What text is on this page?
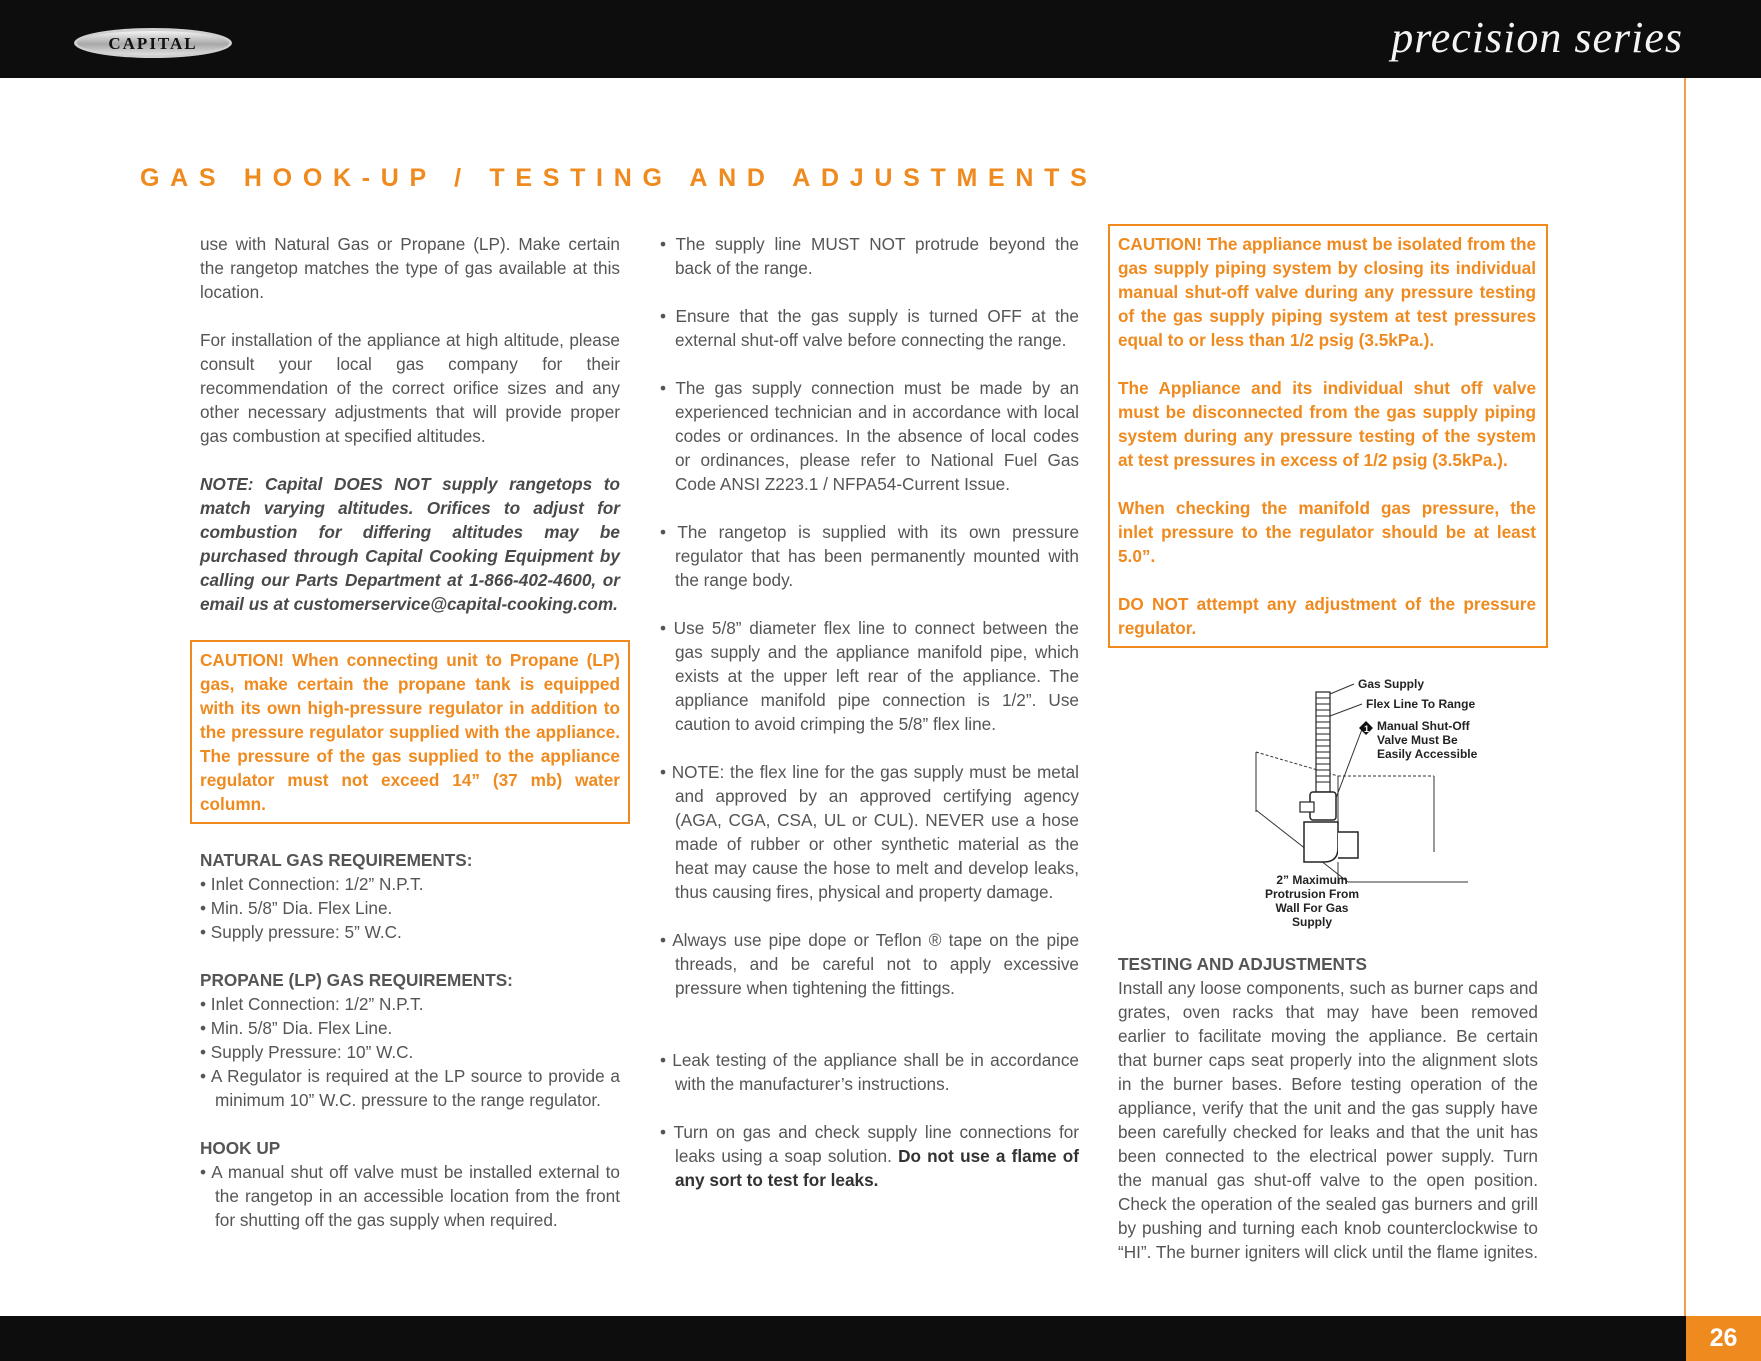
CAPITAL	precision series
GAS HOOK-UP / TESTING AND ADJUSTMENTS

use with Natural Gas or Propane (LP). Make certain the rangetop matches the type of gas available at this location.

For installation of the appliance at high altitude, please consult your local gas company for their recommendation of the correct orifice sizes and any other necessary adjustments that will provide proper gas combustion at specified altitudes.

NOTE: Capital DOES NOT supply rangetops to match varying altitudes. Orifices to adjust for combustion for differing altitudes may be purchased through Capital Cooking Equipment by calling our Parts Department at 1-866-402-4600, or email us at customerservice@capital-cooking.com.

CAUTION! When connecting unit to Propane (LP) gas, make certain the propane tank is equipped with its own high-pressure regulator in addition to the pressure regulator supplied with the appliance. The pressure of the gas supplied to the appliance regulator must not exceed 14” (37 mb) water column.
NATURAL GAS REQUIREMENTS:
• Inlet Connection: 1/2” N.P.T.
• Min. 5/8” Dia. Flex Line.
• Supply pressure: 5” W.C.
PROPANE (LP) GAS REQUIREMENTS:
• Inlet Connection: 1/2” N.P.T.
• Min. 5/8” Dia. Flex Line.
• Supply Pressure: 10” W.C.
• A Regulator is required at the LP source to provide a minimum 10” W.C. pressure to the range regulator.
HOOK UP
• A manual shut off valve must be installed external to the rangetop in an accessible location from the front for shutting off the gas supply when required.
• The supply line MUST NOT protrude beyond the back of the range.
• Ensure that the gas supply is turned OFF at the external shut-off valve before connecting the range.
• The gas supply connection must be made by an experienced technician and in accordance with local codes or ordinances. In the absence of local codes or ordinances, please refer to National Fuel Gas Code ANSI Z223.1 / NFPA54-Current Issue.
• The rangetop is supplied with its own pressure regulator that has been permanently mounted with the range body.
• Use 5/8” diameter flex line to connect between the gas supply and the appliance manifold pipe, which exists at the upper left rear of the appliance. The appliance manifold pipe connection is 1/2”. Use caution to avoid crimping the 5/8” flex line.
• NOTE: the flex line for the gas supply must be metal and approved by an approved certifying agency (AGA, CGA, CSA, UL or CUL). NEVER use a hose made of rubber or other synthetic material as the heat may cause the hose to melt and develop leaks, thus causing fires, physical and property damage.
• Always use pipe dope or Teflon ® tape on the pipe threads, and be careful not to apply excessive pressure when tightening the fittings.
• Leak testing of the appliance shall be in accordance with the manufacturer’s instructions.
• Turn on gas and check supply line connections for leaks using a soap solution. Do not use a flame of any sort to test for leaks.

CAUTION! The appliance must be isolated from the gas supply piping system by closing its individual manual shut-off valve during any pressure testing of the gas supply piping system at test pressures equal to or less than 1/2 psig (3.5kPa.).

The Appliance and its individual shut off valve must be disconnected from the gas supply piping system during any pressure testing of the system at test pressures in excess of 1/2 psig (3.5kPa.).

When checking the manifold gas pressure, the inlet pressure to the regulator should be at least 5.0”.

DO NOT attempt any adjustment of the pressure regulator.

Gas Supply
Flex Line To Range
1 Manual Shut-Off
Valve Must Be
Easily Accessible
2” Maximum
Protrusion From
Wall For Gas
Supply
TESTING AND ADJUSTMENTS

Install any loose components, such as burner caps and grates, oven racks that may have been removed earlier to facilitate moving the appliance. Be certain that burner caps seat properly into the alignment slots in the burner bases. Before testing operation of the appliance, verify that the unit and the gas supply have been carefully checked for leaks and that the unit has been connected to the electrical power supply. Turn the manual gas shut-off valve to the open position. Check the operation of the sealed gas burners and grill by pushing and turning each knob counterclockwise to “HI”. The burner igniters will click until the flame ignites.

26
